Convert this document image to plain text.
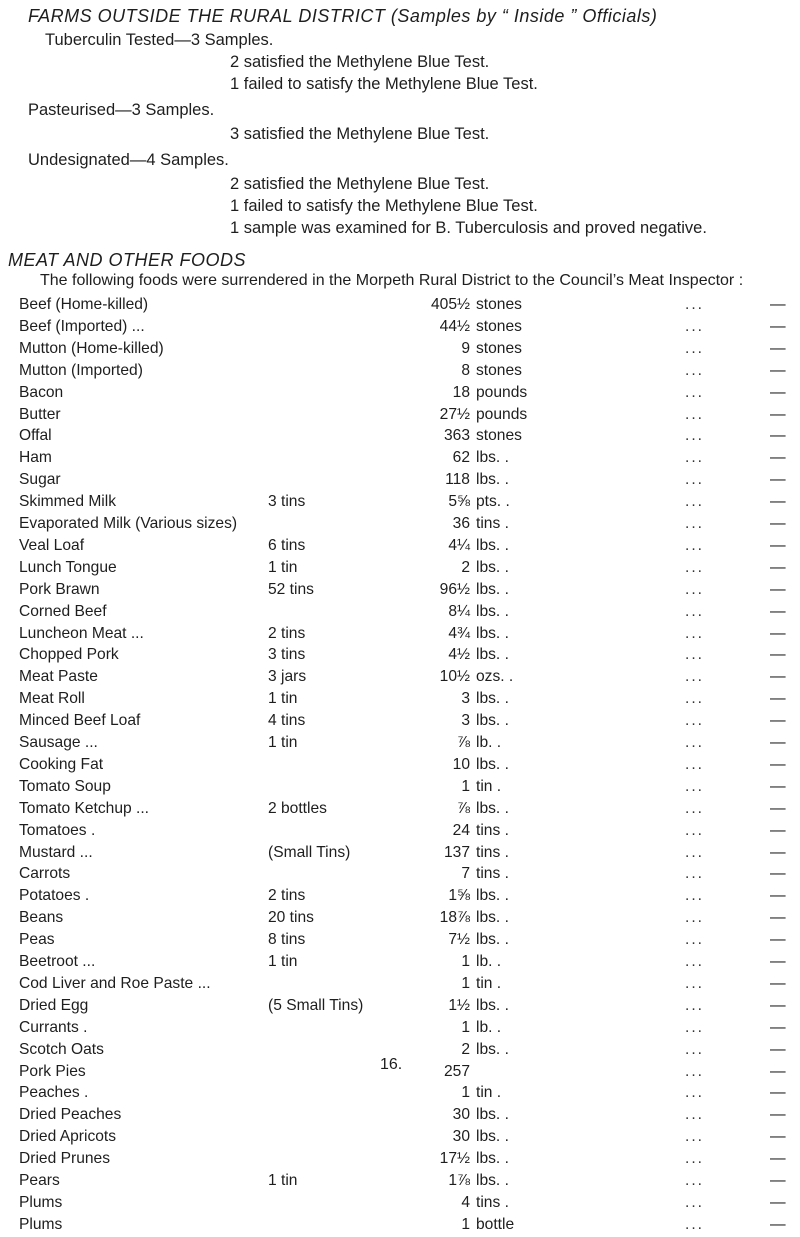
FARMS OUTSIDE THE RURAL DISTRICT (Samples by “ Inside ” Officials)
Tuberculin Tested—3 Samples.
2 satisfied the Methylene Blue Test.
1 failed to satisfy the Methylene Blue Test.
Pasteurised—3 Samples.
3 satisfied the Methylene Blue Test.
Undesignated—4 Samples.
2 satisfied the Methylene Blue Test.
1 failed to satisfy the Methylene Blue Test.
1 sample was examined for B. Tuberculosis and proved negative.
MEAT AND OTHER FOODS
The following foods were surrendered in the Morpeth Rural District to the Council’s Meat Inspector :
Beef (Home-killed)	405½ stones	...	—
Beef (Imported) ...	44½ stones	...	—
Mutton (Home-killed)	9 stones	...	—
Mutton (Imported)	8 stones	...	—
Bacon	18 pounds	...	—
Butter	27½ pounds	...	—
Offal	363 stones	...	—
Ham	62 lbs. .	...	—
Sugar	118 lbs. .	...	—
Skimmed Milk	3 tins	5⅝ pts. .	...	—
Evaporated Milk (Various sizes)	36 tins .	...	—
Veal Loaf	6 tins	4¼ lbs. .	...	—
Lunch Tongue	1 tin	2 lbs. .	...	—
Pork Brawn	52 tins	96½ lbs. .	...	—
Corned Beef	8¼ lbs. .	...	—
Luncheon Meat ...	2 tins	4¾ lbs. .	...	—
Chopped Pork	3 tins	4½ lbs. .	...	—
Meat Paste	3 jars	10½ ozs. .	...	—
Meat Roll	1 tin	3 lbs. .	...	—
Minced Beef Loaf	4 tins	3 lbs. .	...	—
Sausage ...	1 tin	⅞ lb. .	...	—
Cooking Fat	10 lbs. .	...	—
Tomato Soup	1 tin .	...	—
Tomato Ketchup ...	2 bottles	⅞ lbs. .	...	—
Tomatoes .	24 tins .	...	—
Mustard ...	(Small Tins)	137 tins .	...	—
Carrots	7 tins .	...	—
Potatoes .	2 tins	1⅝ lbs. .	...	—
Beans	20 tins	18⅞ lbs. .	...	—
Peas	8 tins	7½ lbs. .	...	—
Beetroot ...	1 tin	1 lb. .	...	—
Cod Liver and Roe Paste ...	1 tin .	...	—
Dried Egg	(5 Small Tins)	1½ lbs. .	...	—
Currants .	1 lb. .	...	—
Scotch Oats	2 lbs. .	...	—
Pork Pies	257	...	—
Peaches .	1 tin .	...	—
Dried Peaches	30 lbs. .	...	—
Dried Apricots	30 lbs. .	...	—
Dried Prunes	17½ lbs. .	...	—
Pears	1 tin	1⅞ lbs. .	...	—
Plums	4 tins .	...	—
Plums	1 bottle	...	—
16.
